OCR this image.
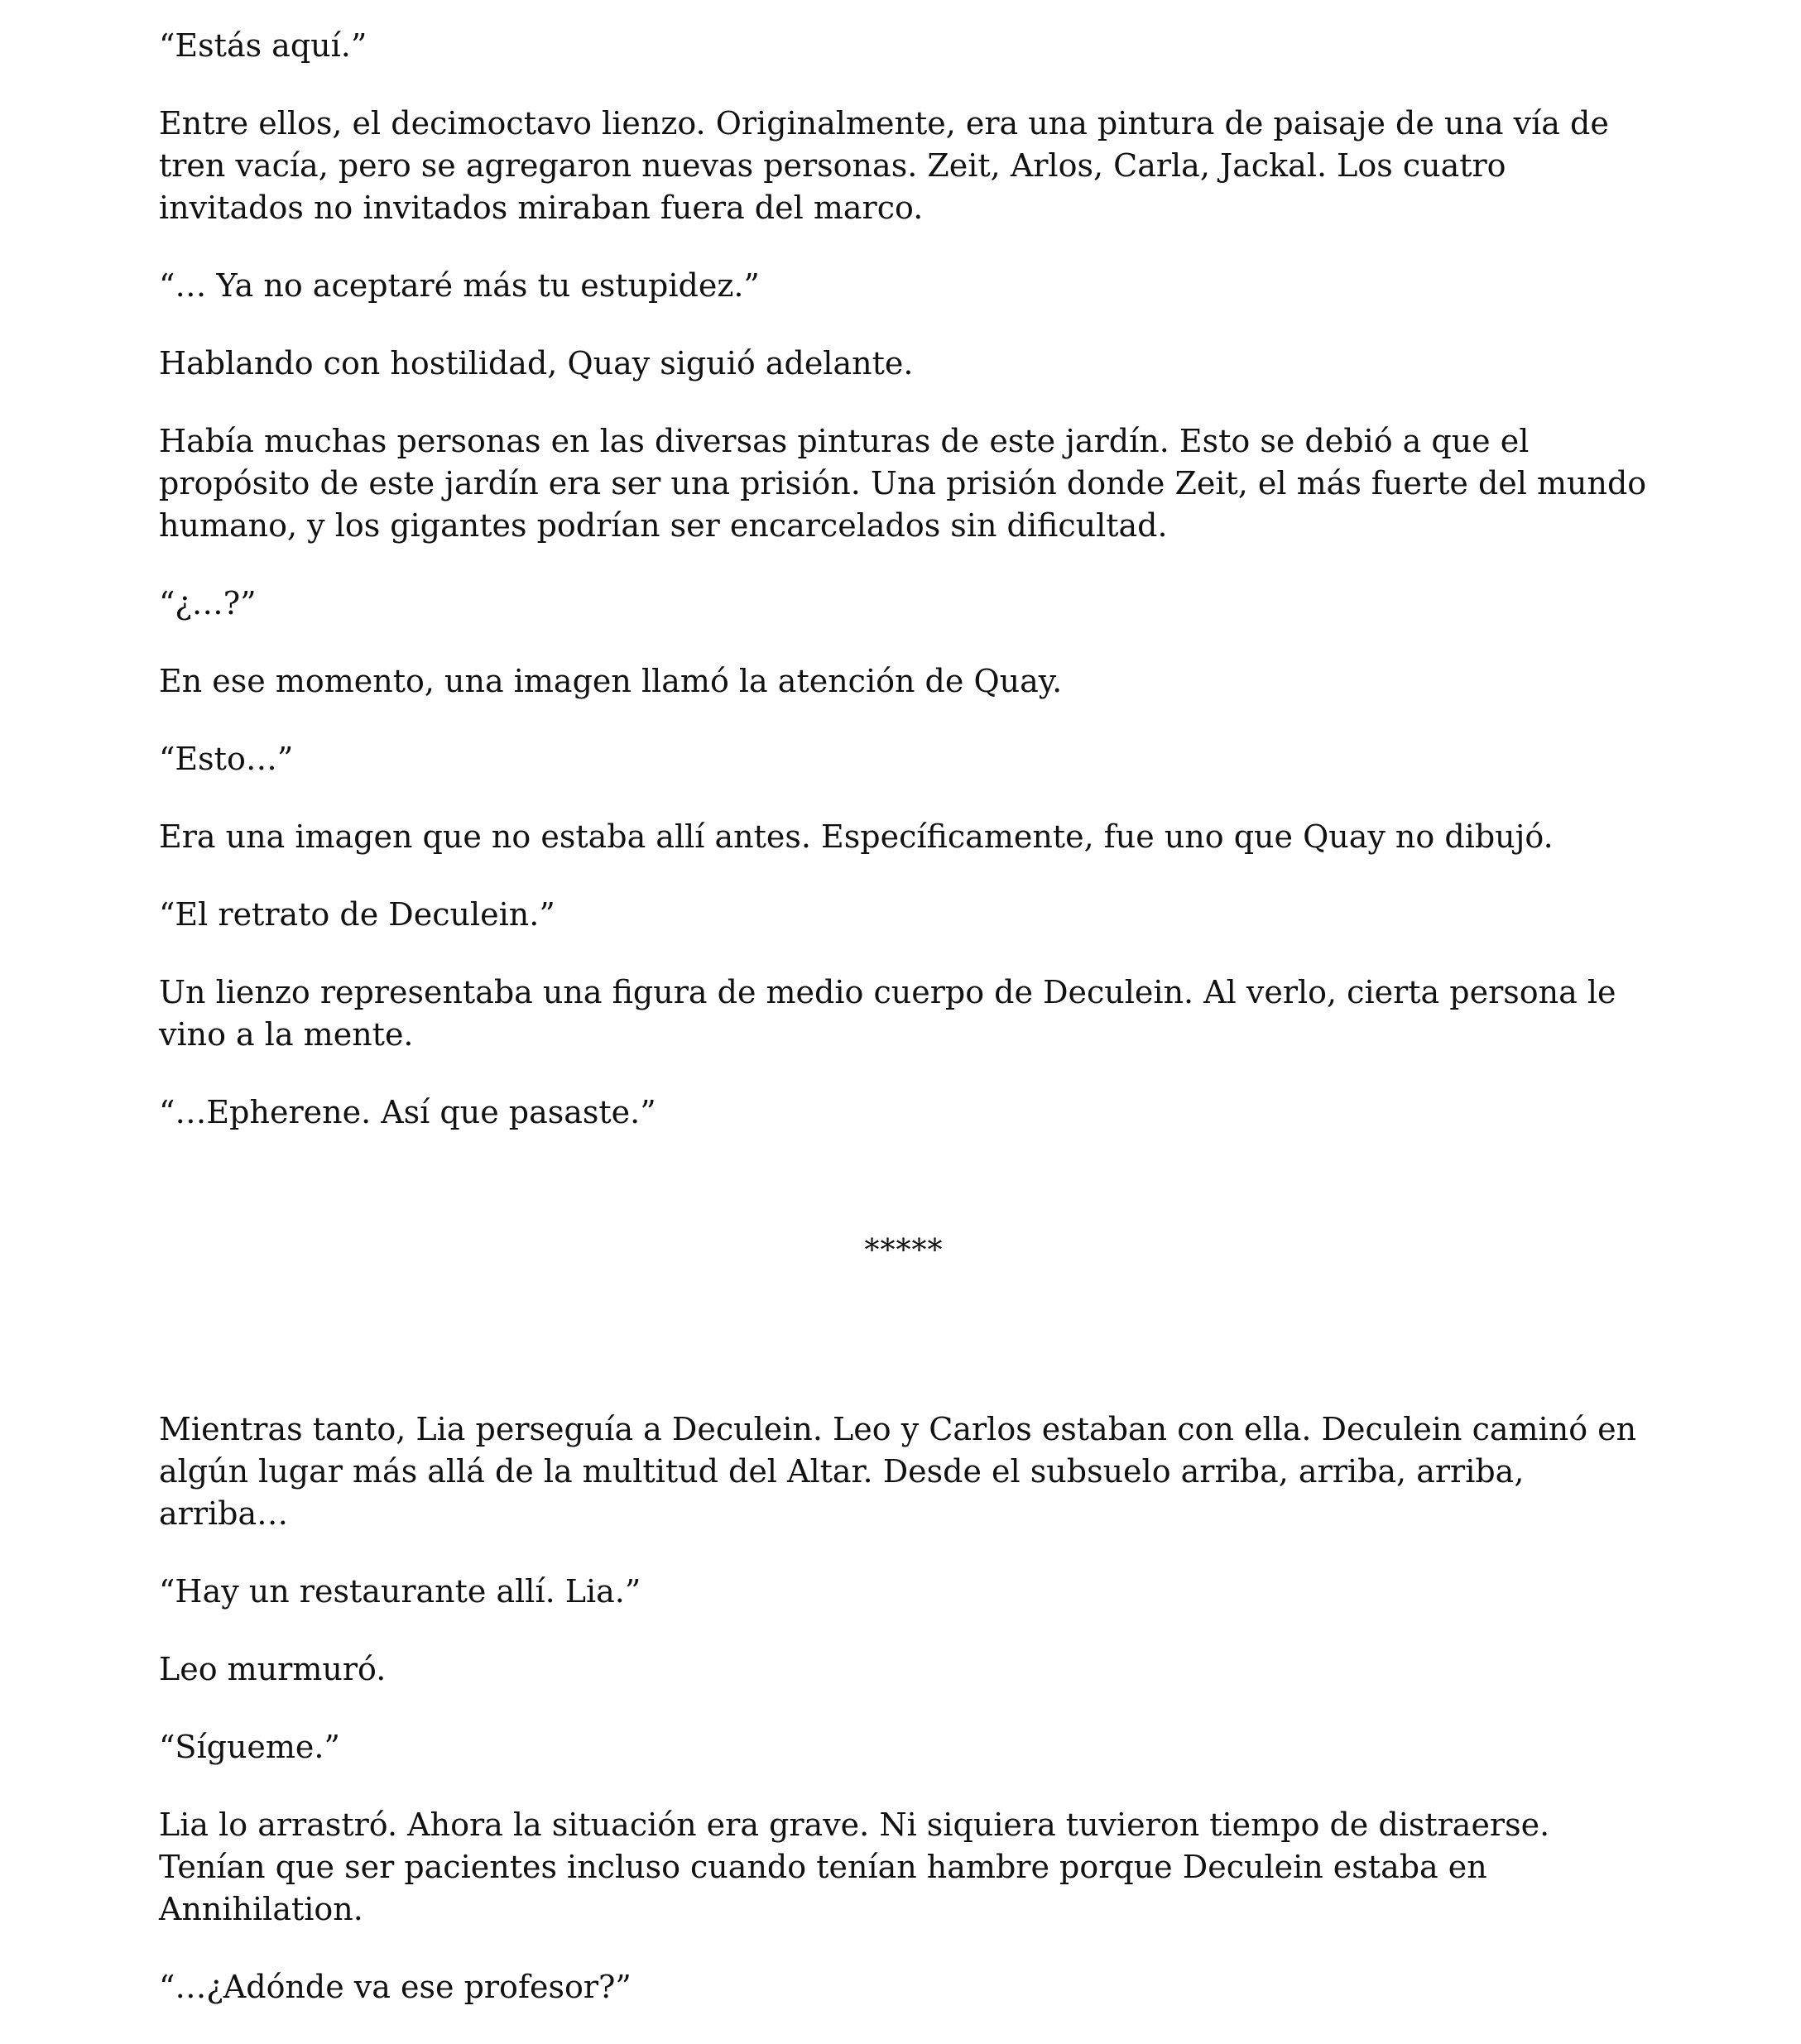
“Estás aquí.”

Entre ellos, el decimoctavo lienzo. Originalmente, era una pintura de paisaje de una vía de tren vacía, pero se agregaron nuevas personas. Zeit, Arlos, Carla, Jackal. Los cuatro invitados no invitados miraban fuera del marco.

“… Ya no aceptaré más tu estupidez.”

Hablando con hostilidad, Quay siguió adelante.

Había muchas personas en las diversas pinturas de este jardín. Esto se debió a que el propósito de este jardín era ser una prisión. Una prisión donde Zeit, el más fuerte del mundo humano, y los gigantes podrían ser encarcelados sin dificultad.

“¿…?”

En ese momento, una imagen llamó la atención de Quay.

“Esto…”

Era una imagen que no estaba allí antes. Específicamente, fue uno que Quay no dibujó.

“El retrato de Deculein.”

Un lienzo representaba una figura de medio cuerpo de Deculein. Al verlo, cierta persona le vino a la mente.

“…Epherene. Así que pasaste.”

*****

Mientras tanto, Lia perseguía a Deculein. Leo y Carlos estaban con ella. Deculein caminó en algún lugar más allá de la multitud del Altar. Desde el subsuelo arriba, arriba, arriba, arriba…

“Hay un restaurante allí. Lia.”

Leo murmuró.

“Sígueme.”

Lia lo arrastró. Ahora la situación era grave. Ni siquiera tuvieron tiempo de distraerse. Tenían que ser pacientes incluso cuando tenían hambre porque Deculein estaba en Annihilation.

“…¿Adónde va ese profesor?”
